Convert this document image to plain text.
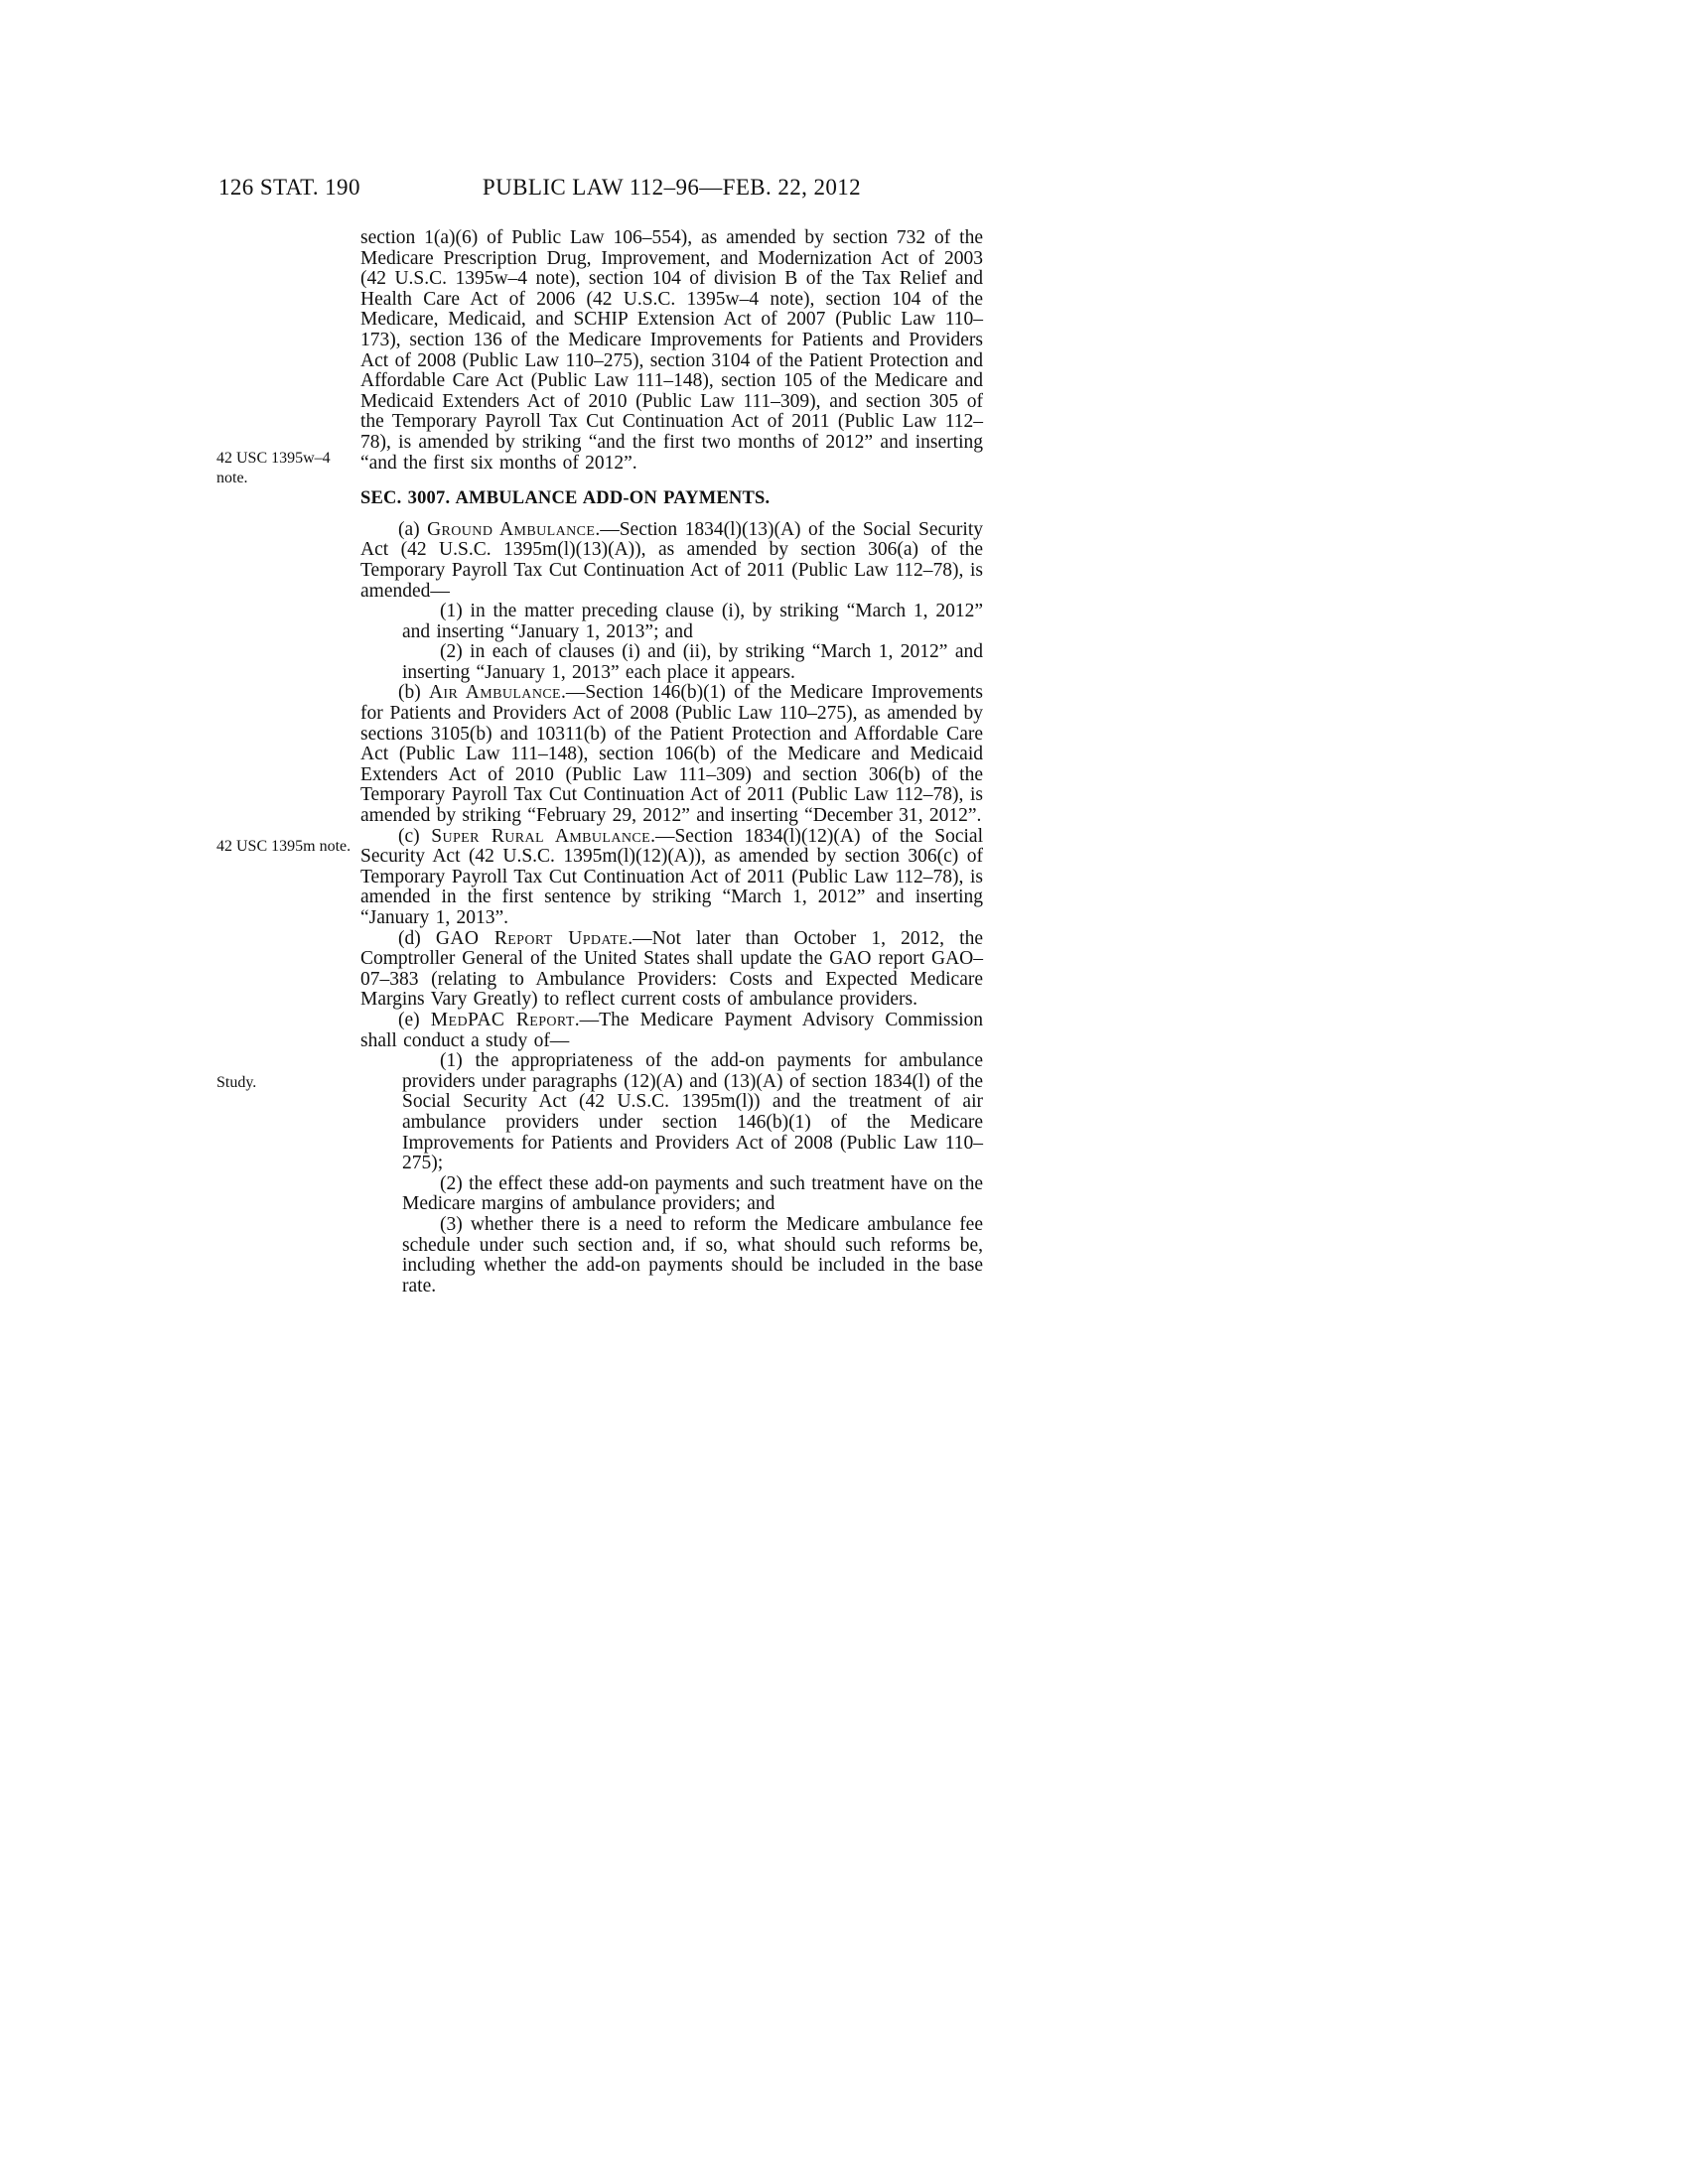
126 STAT. 190	PUBLIC LAW 112–96—FEB. 22, 2012
42 USC 1395w–4 note.
42 USC 1395m note.
Study.

section 1(a)(6) of Public Law 106–554), as amended by section 732 of the Medicare Prescription Drug, Improvement, and Modernization Act of 2003 (42 U.S.C. 1395w–4 note), section 104 of division B of the Tax Relief and Health Care Act of 2006 (42 U.S.C. 1395w–4 note), section 104 of the Medicare, Medicaid, and SCHIP Extension Act of 2007 (Public Law 110–173), section 136 of the Medicare Improvements for Patients and Providers Act of 2008 (Public Law 110–275), section 3104 of the Patient Protection and Affordable Care Act (Public Law 111–148), section 105 of the Medicare and Medicaid Extenders Act of 2010 (Public Law 111–309), and section 305 of the Temporary Payroll Tax Cut Continuation Act of 2011 (Public Law 112–78), is amended by striking “and the first two months of 2012” and inserting “and the first six months of 2012”.

SEC. 3007. AMBULANCE ADD-ON PAYMENTS.

(a) Ground Ambulance.—Section 1834(l)(13)(A) of the Social Security Act (42 U.S.C. 1395m(l)(13)(A)), as amended by section 306(a) of the Temporary Payroll Tax Cut Continuation Act of 2011 (Public Law 112–78), is amended—

(1) in the matter preceding clause (i), by striking “March 1, 2012” and inserting “January 1, 2013”; and

(2) in each of clauses (i) and (ii), by striking “March 1, 2012” and inserting “January 1, 2013” each place it appears.

(b) Air Ambulance.—Section 146(b)(1) of the Medicare Improvements for Patients and Providers Act of 2008 (Public Law 110–275), as amended by sections 3105(b) and 10311(b) of the Patient Protection and Affordable Care Act (Public Law 111–148), section 106(b) of the Medicare and Medicaid Extenders Act of 2010 (Public Law 111–309) and section 306(b) of the Temporary Payroll Tax Cut Continuation Act of 2011 (Public Law 112–78), is amended by striking “February 29, 2012” and inserting “December 31, 2012”.

(c) Super Rural Ambulance.—Section 1834(l)(12)(A) of the Social Security Act (42 U.S.C. 1395m(l)(12)(A)), as amended by section 306(c) of Temporary Payroll Tax Cut Continuation Act of 2011 (Public Law 112–78), is amended in the first sentence by striking “March 1, 2012” and inserting “January 1, 2013”.

(d) GAO Report Update.—Not later than October 1, 2012, the Comptroller General of the United States shall update the GAO report GAO–07–383 (relating to Ambulance Providers: Costs and Expected Medicare Margins Vary Greatly) to reflect current costs of ambulance providers.

(e) MedPAC Report.—The Medicare Payment Advisory Commission shall conduct a study of—

(1) the appropriateness of the add-on payments for ambulance providers under paragraphs (12)(A) and (13)(A) of section 1834(l) of the Social Security Act (42 U.S.C. 1395m(l)) and the treatment of air ambulance providers under section 146(b)(1) of the Medicare Improvements for Patients and Providers Act of 2008 (Public Law 110–275);

(2) the effect these add-on payments and such treatment have on the Medicare margins of ambulance providers; and

(3) whether there is a need to reform the Medicare ambulance fee schedule under such section and, if so, what should such reforms be, including whether the add-on payments should be included in the base rate.
